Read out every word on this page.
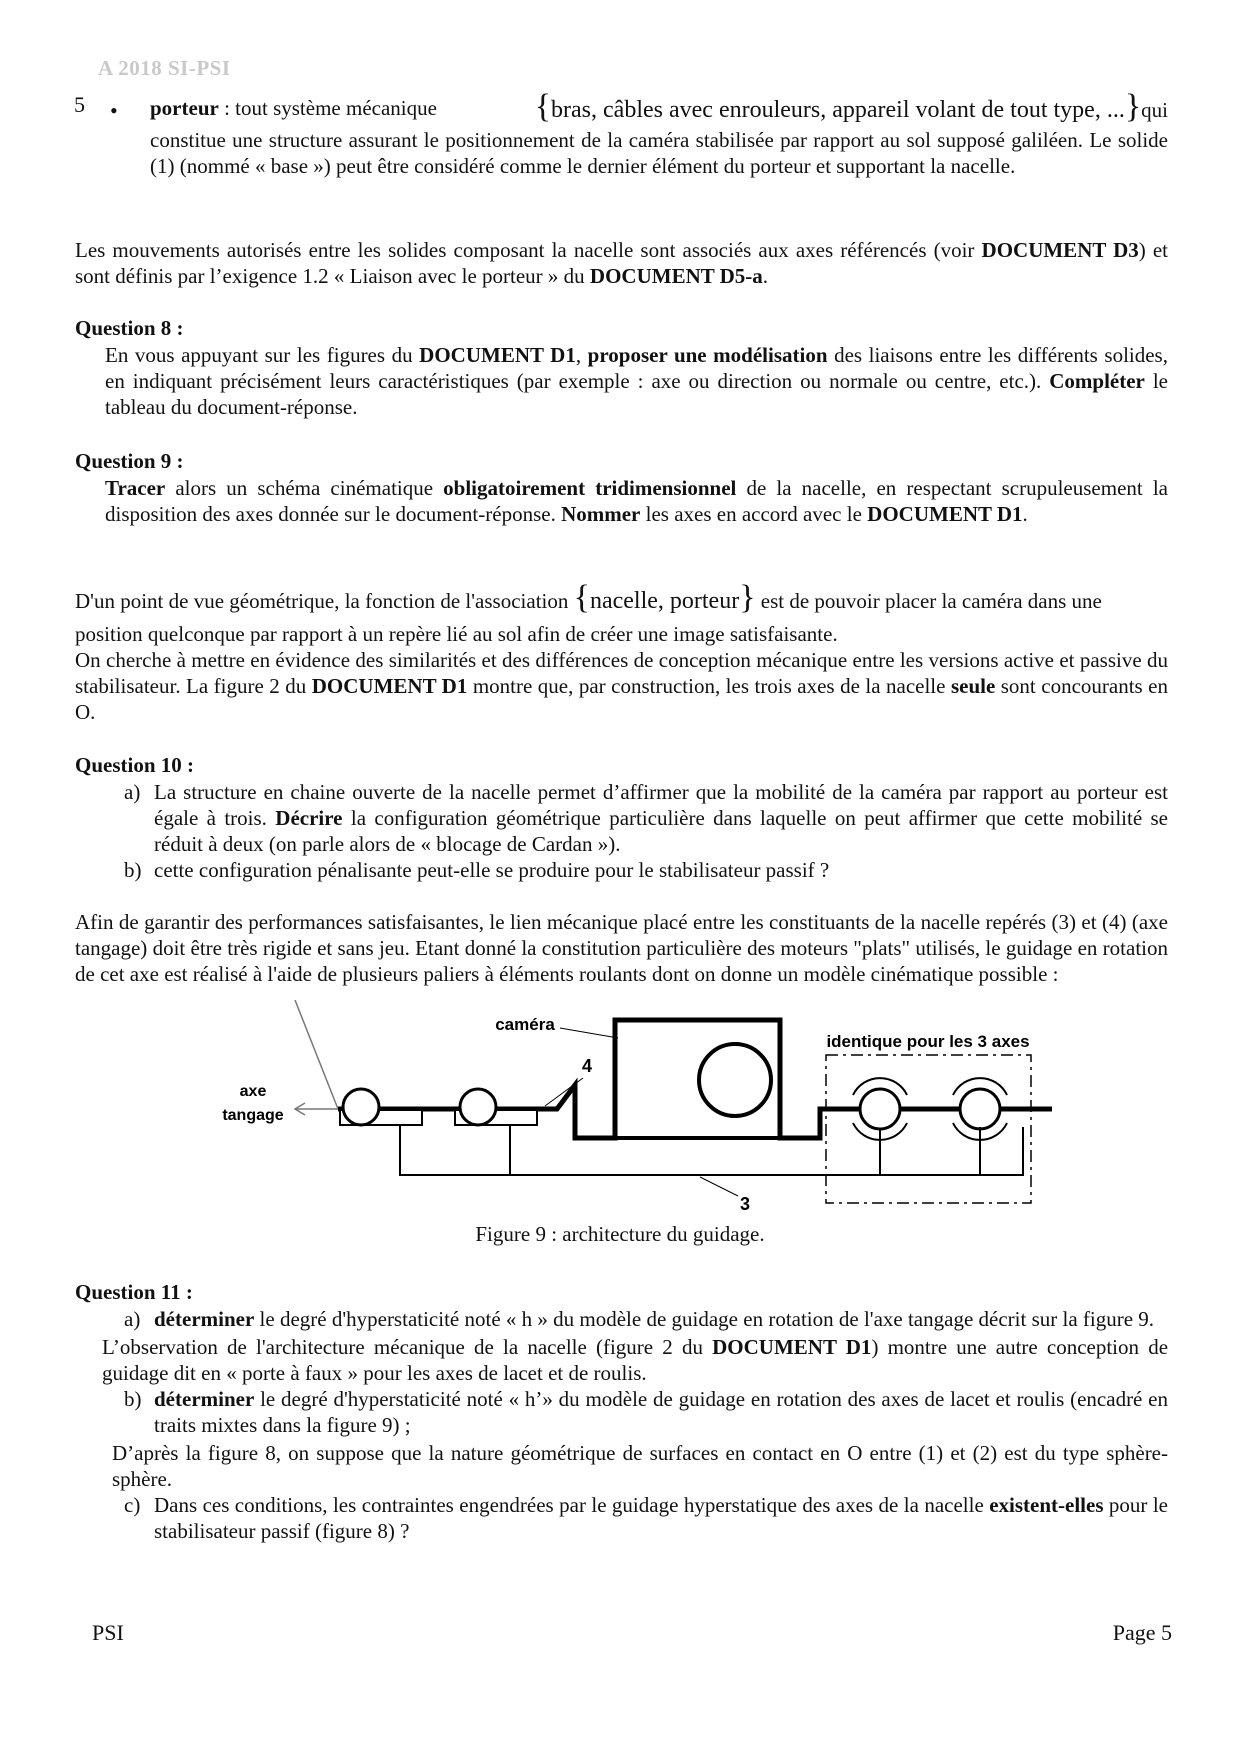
A 2018 SI-PSI
5 • porteur : tout système mécanique	{bras, câbles avec enrouleurs, appareil volant de tout type, ...}qui
constitue une structure assurant le positionnement de la caméra stabilisée par rapport au sol supposé galiléen. Le solide (1) (nommé « base ») peut être considéré comme le dernier élément du porteur et supportant la nacelle.
Les mouvements autorisés entre les solides composant la nacelle sont associés aux axes référencés (voir DOCUMENT D3) et sont définis par l’exigence 1.2 « Liaison avec le porteur » du DOCUMENT D5-a.
Question 8 :
En vous appuyant sur les figures du DOCUMENT D1, proposer une modélisation des liaisons entre les différents solides, en indiquant précisément leurs caractéristiques (par exemple : axe ou direction ou normale ou centre, etc.). Compléter le tableau du document-réponse.
Question 9 :
Tracer alors un schéma cinématique obligatoirement tridimensionnel de la nacelle, en respectant scrupuleusement la disposition des axes donnée sur le document-réponse. Nommer les axes en accord avec le DOCUMENT D1.
D'un point de vue géométrique, la fonction de l'association {nacelle, porteur} est de pouvoir placer la caméra dans une
position quelconque par rapport à un repère lié au sol afin de créer une image satisfaisante.
On cherche à mettre en évidence des similarités et des différences de conception mécanique entre les versions active et passive du stabilisateur. La figure 2 du DOCUMENT D1 montre que, par construction, les trois axes de la nacelle seule sont concourants en O.
Question 10 :
a) La structure en chaine ouverte de la nacelle permet d’affirmer que la mobilité de la caméra par rapport au porteur est égale à trois. Décrire la configuration géométrique particulière dans laquelle on peut affirmer que cette mobilité se réduit à deux (on parle alors de « blocage de Cardan »).
b) cette configuration pénalisante peut-elle se produire pour le stabilisateur passif ?
Afin de garantir des performances satisfaisantes, le lien mécanique placé entre les constituants de la nacelle repérés (3) et (4) (axe tangage) doit être très rigide et sans jeu. Etant donné la constitution particulière des moteurs "plats" utilisés, le guidage en rotation de cet axe est réalisé à l'aide de plusieurs paliers à éléments roulants dont on donne un modèle cinématique possible :
axe
tangage
identique pour les 3 axes
caméra
4
3
Figure 9 : architecture du guidage.
Question 11 :
a) déterminer le degré d'hyperstaticité noté « h » du modèle de guidage en rotation de l'axe tangage décrit sur la figure 9.
L’observation de l'architecture mécanique de la nacelle (figure 2 du DOCUMENT D1) montre une autre conception de guidage dit en « porte à faux » pour les axes de lacet et de roulis.
b) déterminer le degré d'hyperstaticité noté « h’» du modèle de guidage en rotation des axes de lacet et roulis (encadré en traits mixtes dans la figure 9) ;
D’après la figure 8, on suppose que la nature géométrique de surfaces en contact en O entre (1) et (2) est du type sphère-sphère.
c) Dans ces conditions, les contraintes engendrées par le guidage hyperstatique des axes de la nacelle existent-elles pour le stabilisateur passif (figure 8) ?
PSI	Page 5
